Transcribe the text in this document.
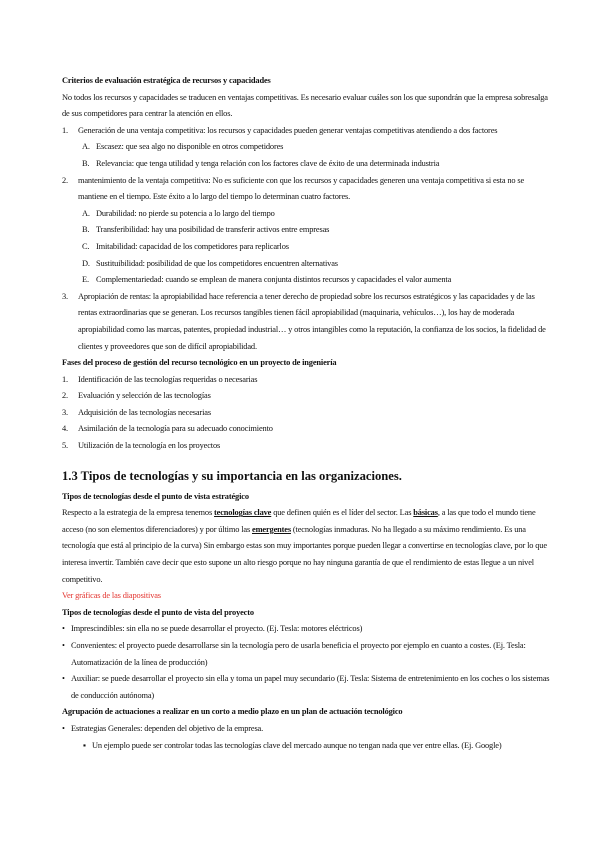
Criterios de evaluación estratégica de recursos y capacidades

No todos los recursos y capacidades se traducen en ventajas competitivas. Es necesario evaluar cuáles son los que supondrán que la empresa sobresalga de sus competidores para centrar la atención en ellos.

1. Generación de una ventaja competitiva: los recursos y capacidades pueden generar ventajas competitivas atendiendo a dos factores
A. Escasez: que sea algo no disponible en otros competidores
B. Relevancia: que tenga utilidad y tenga relación con los factores clave de éxito de una determinada industria
2. mantenimiento de la ventaja competitiva: No es suficiente con que los recursos y capacidades generen una ventaja competitiva si esta no se mantiene en el tiempo. Este éxito a lo largo del tiempo lo determinan cuatro factores.
A. Durabilidad: no pierde su potencia a lo largo del tiempo
B. Transferibilidad: hay una posibilidad de transferir activos entre empresas
C. Imitabilidad: capacidad de los competidores para replicarlos
D. Sustituibilidad: posibilidad de que los competidores encuentren alternativas
E. Complementariedad: cuando se emplean de manera conjunta distintos recursos y capacidades el valor aumenta
3. Apropiación de rentas: la apropiabilidad hace referencia a tener derecho de propiedad sobre los recursos estratégicos y las capacidades y de las rentas extraordinarias que se generan. Los recursos tangibles tienen fácil apropiabilidad (maquinaria, vehículos…), los hay de moderada apropiabilidad como las marcas, patentes, propiedad industrial… y otros intangibles como la reputación, la confianza de los socios, la fidelidad de clientes y proveedores que son de difícil apropiabilidad.

Fases del proceso de gestión del recurso tecnológico en un proyecto de ingeniería

1. Identificación de las tecnologías requeridas o necesarias
2. Evaluación y selección de las tecnologías
3. Adquisición de las tecnologías necesarias
4. Asimilación de la tecnología para su adecuado conocimiento
5. Utilización de la tecnología en los proyectos
1.3 Tipos de tecnologías y su importancia en las organizaciones.

Tipos de tecnologías desde el punto de vista estratégico

Respecto a la estrategia de la empresa tenemos tecnologías clave que definen quién es el líder del sector. Las básicas, a las que todo el mundo tiene acceso (no son elementos diferenciadores) y por último las emergentes (tecnologías inmaduras. No ha llegado a su máximo rendimiento. Es una tecnología que está al principio de la curva) Sin embargo estas son muy importantes porque pueden llegar a convertirse en tecnologías clave, por lo que interesa invertir. También cave decir que esto supone un alto riesgo porque no hay ninguna garantía de que el rendimiento de estas llegue a un nivel competitivo.

Ver gráficas de las diapositivas

Tipos de tecnologías desde el punto de vista del proyecto

• Imprescindibles: sin ella no se puede desarrollar el proyecto. (Ej. Tesla: motores eléctricos)
• Convenientes: el proyecto puede desarrollarse sin la tecnología pero de usarla beneficia el proyecto por ejemplo en cuanto a costes. (Ej. Tesla: Automatización de la línea de producción)
• Auxiliar: se puede desarrollar el proyecto sin ella y toma un papel muy secundario (Ej. Tesla: Sistema de entretenimiento en los coches o los sistemas de conducción autónoma)

Agrupación de actuaciones a realizar en un corto a medio plazo en un plan de actuación tecnológico

• Estrategias Generales: dependen del objetivo de la empresa.
▪ Un ejemplo puede ser controlar todas las tecnologías clave del mercado aunque no tengan nada que ver entre ellas. (Ej. Google)
